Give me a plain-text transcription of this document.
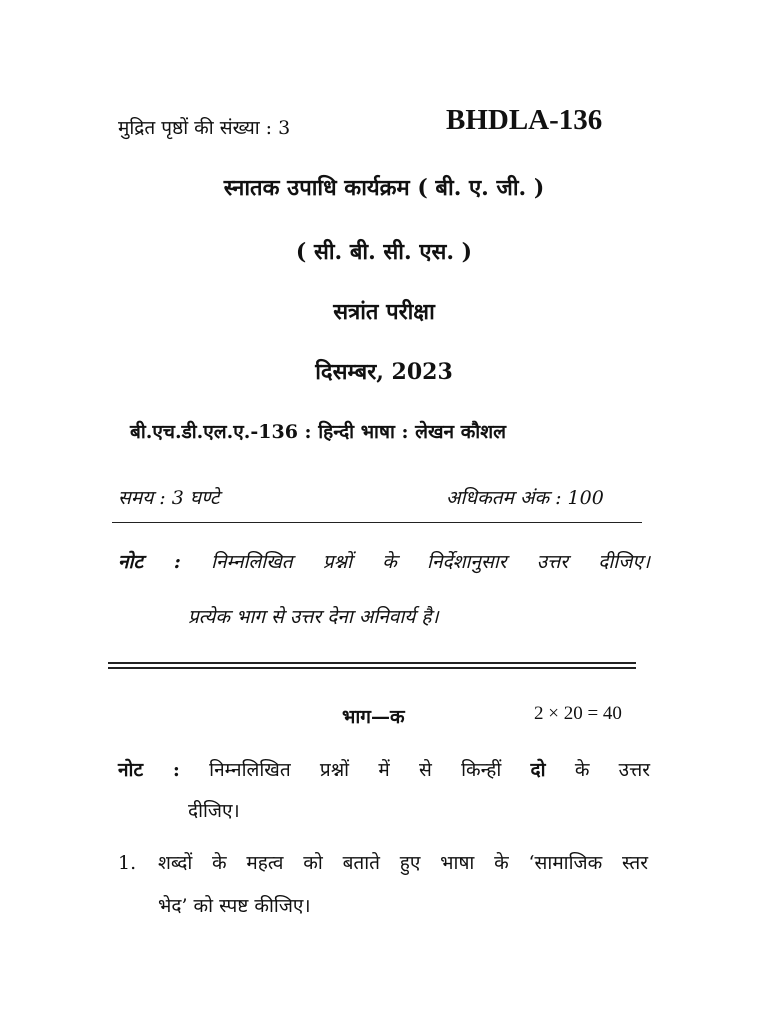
मुद्रित पृष्ठों की संख्या : 3	BHDLA-136
स्नातक उपाधि कार्यक्रम ( बी. ए. जी. )
( सी. बी. सी. एस. )
सत्रांत परीक्षा
दिसम्बर, 2023
बी.एच.डी.एल.ए.-136 : हिन्दी भाषा : लेखन कौशल
समय : 3 घण्टे	अधिकतम अंक : 100
नोट : निम्नलिखित प्रश्नों के निर्देशानुसार उत्तर दीजिए।
प्रत्येक भाग से उत्तर देना अनिवार्य है।
भाग—क	2 × 20 = 40
नोट : निम्नलिखित प्रश्नों में से किन्हीं दो के उत्तर
दीजिए।
1. शब्दों के महत्व को बताते हुए भाषा के ‘सामाजिक स्तर
भेद’ को स्पष्ट कीजिए।
